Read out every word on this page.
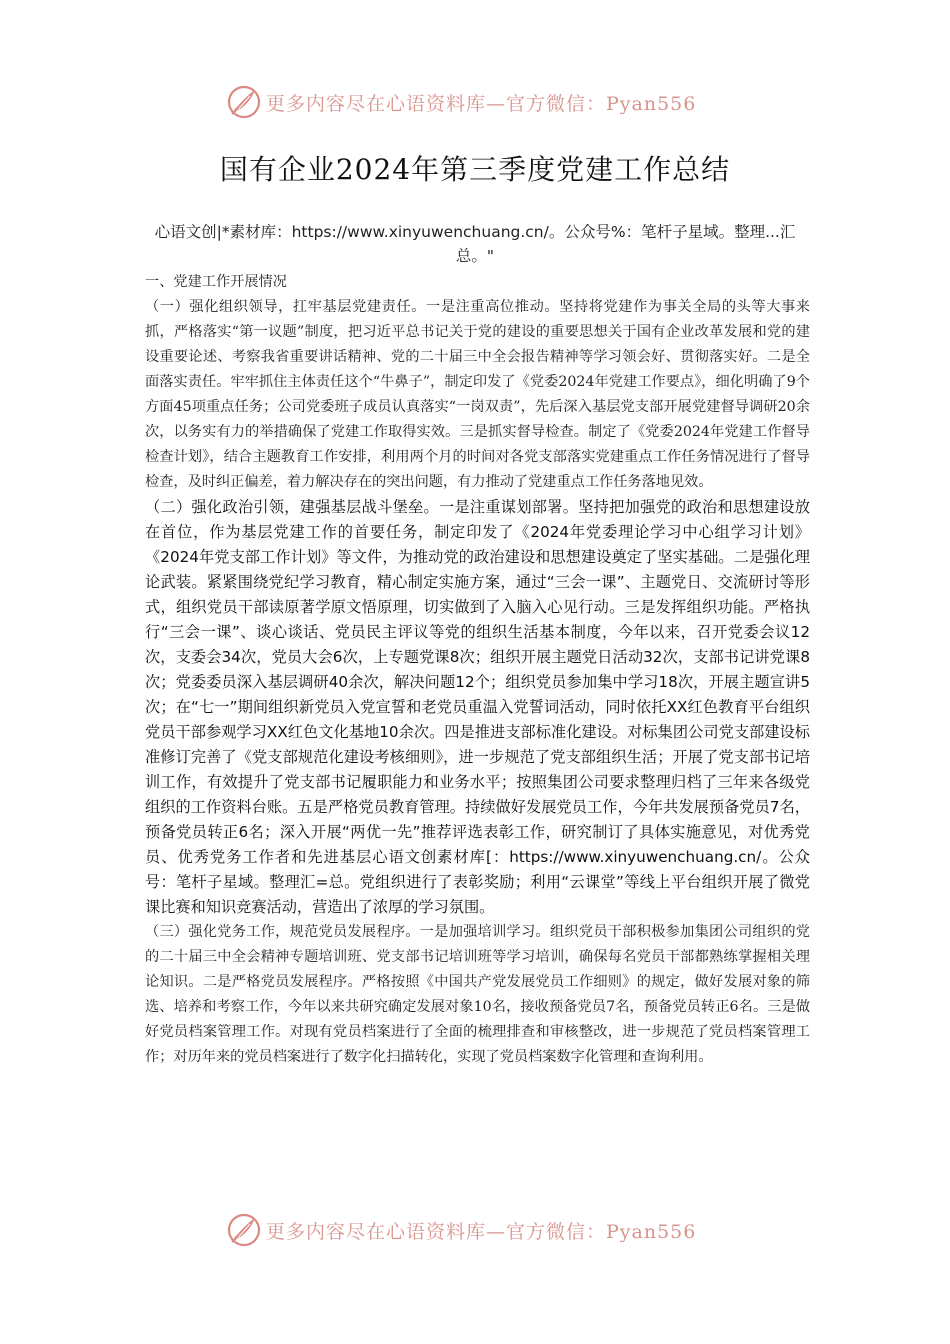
更多内容尽在心语资料库—官方微信：Pyan556
国有企业2024年第三季度党建工作总结
心语文创|*素材库：https://www.xinyuwenchuang.cn/。公众号%：笔杆子星域。整理...汇总。"

一、党建工作开展情况

（一）强化组织领导，扛牢基层党建责任。一是注重高位推动。坚持将党建作为事关全局的头等大事来抓，严格落实“第一议题”制度，把习近平总书记关于党的建设的重要思想关于国有企业改革发展和党的建设重要论述、考察我省重要讲话精神、党的二十届三中全会报告精神等学习领会好、贯彻落实好。二是全面落实责任。牢牢抓住主体责任这个“牛鼻子”，制定印发了《党委2024年党建工作要点》，细化明确了9个方面45项重点任务；公司党委班子成员认真落实“一岗双责”，先后深入基层党支部开展党建督导调研20余次，以务实有力的举措确保了党建工作取得实效。三是抓实督导检查。制定了《党委2024年党建工作督导检查计划》，结合主题教育工作安排，利用两个月的时间对各党支部落实党建重点工作任务情况进行了督导检查，及时纠正偏差，着力解决存在的突出问题，有力推动了党建重点工作任务落地见效。

（二）强化政治引领，建强基层战斗堡垒。一是注重谋划部署。坚持把加强党的政治和思想建设放在首位，作为基层党建工作的首要任务，制定印发了《2024年党委理论学习中心组学习计划》《2024年党支部工作计划》等文件，为推动党的政治建设和思想建设奠定了坚实基础。二是强化理论武装。紧紧围绕党纪学习教育，精心制定实施方案，通过“三会一课”、主题党日、交流研讨等形式，组织党员干部读原著学原文悟原理，切实做到了入脑入心见行动。三是发挥组织功能。严格执行“三会一课”、谈心谈话、党员民主评议等党的组织生活基本制度，今年以来，召开党委会议12次，支委会34次，党员大会6次，上专题党课8次；组织开展主题党日活动32次，支部书记讲党课8次；党委委员深入基层调研40余次，解决问题12个；组织党员参加集中学习18次，开展主题宣讲5次；在“七一”期间组织新党员入党宣誓和老党员重温入党誓词活动，同时依托XX红色教育平台组织党员干部参观学习XX红色文化基地10余次。四是推进支部标准化建设。对标集团公司党支部建设标准修订完善了《党支部规范化建设考核细则》，进一步规范了党支部组织生活；开展了党支部书记培训工作，有效提升了党支部书记履职能力和业务水平；按照集团公司要求整理归档了三年来各级党组织的工作资料台账。五是严格党员教育管理。持续做好发展党员工作，今年共发展预备党员7名，预备党员转正6名；深入开展“两优一先”推荐评选表彰工作，研究制订了具体实施意见，对优秀党员、优秀党务工作者和先进基层心语文创素材库[：https://www.xinyuwenchuang.cn/。公众号：笔杆子星域。整理汇=总。党组织进行了表彰奖励；利用“云课堂”等线上平台组织开展了微党课比赛和知识竞赛活动，营造出了浓厚的学习氛围。

（三）强化党务工作，规范党员发展程序。一是加强培训学习。组织党员干部积极参加集团公司组织的党的二十届三中全会精神专题培训班、党支部书记培训班等学习培训，确保每名党员干部都熟练掌握相关理论知识。二是严格党员发展程序。严格按照《中国共产党发展党员工作细则》的规定，做好发展对象的筛选、培养和考察工作，今年以来共研究确定发展对象10名，接收预备党员7名，预备党员转正6名。三是做好党员档案管理工作。对现有党员档案进行了全面的梳理排查和审核整改，进一步规范了党员档案管理工作；对历年来的党员档案进行了数字化扫描转化，实现了党员档案数字化管理和查询利用。

更多内容尽在心语资料库—官方微信：Pyan556
